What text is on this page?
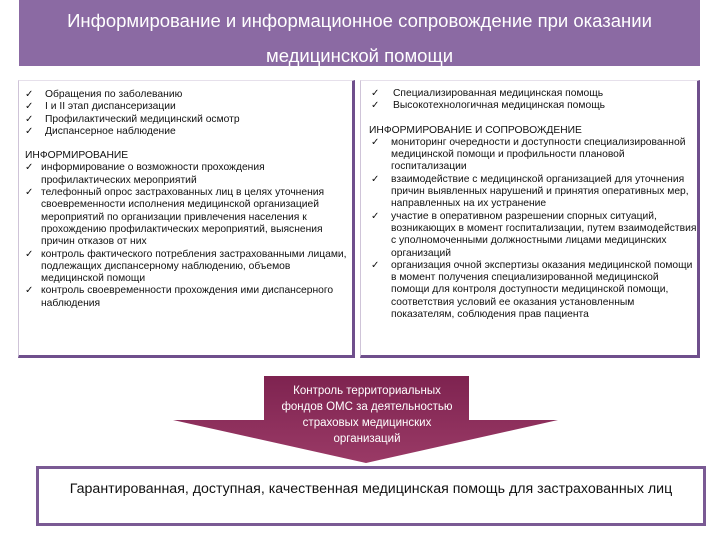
Информирование и информационное сопровождение при оказании
медицинской помощи
✓ Обращения по заболеванию
✓ I и II этап диспансеризации
✓ Профилактический медицинский осмотр
✓ Диспансерное наблюдение
ИНФОРМИРОВАНИЕ
✓ информирование о возможности прохождения профилактических мероприятий
✓ телефонный опрос застрахованных лиц в целях уточнения своевременности исполнения медицинской организацией мероприятий по организации привлечения населения к прохождению профилактических мероприятий, выяснения причин отказов от них
✓ контроль фактического потребления застрахованными лицами, подлежащих диспансерному наблюдению, объемов медицинской помощи
✓ контроль своевременности прохождения ими диспансерного наблюдения
✓ Специализированная медицинская помощь
✓ Высокотехнологичная медицинская помощь
ИНФОРМИРОВАНИЕ И СОПРОВОЖДЕНИЕ
✓ мониторинг очередности и доступности специализированной медицинской помощи и профильности плановой госпитализации
✓ взаимодействие с медицинской организацией для уточнения причин выявленных нарушений и принятия оперативных мер, направленных на их устранение
✓ участие в оперативном разрешении спорных ситуаций, возникающих в момент госпитализации, путем взаимодействия с уполномоченными должностными лицами медицинских организаций
✓ организация очной экспертизы оказания медицинской помощи в момент получения специализированной медицинской помощи для контроля доступности медицинской помощи, соответствия условий ее оказания установленным показателям, соблюдения прав пациента
Контроль территориальных фондов ОМС за деятельностью страховых медицинских организаций
Гарантированная, доступная, качественная медицинская помощь для застрахованных лиц
